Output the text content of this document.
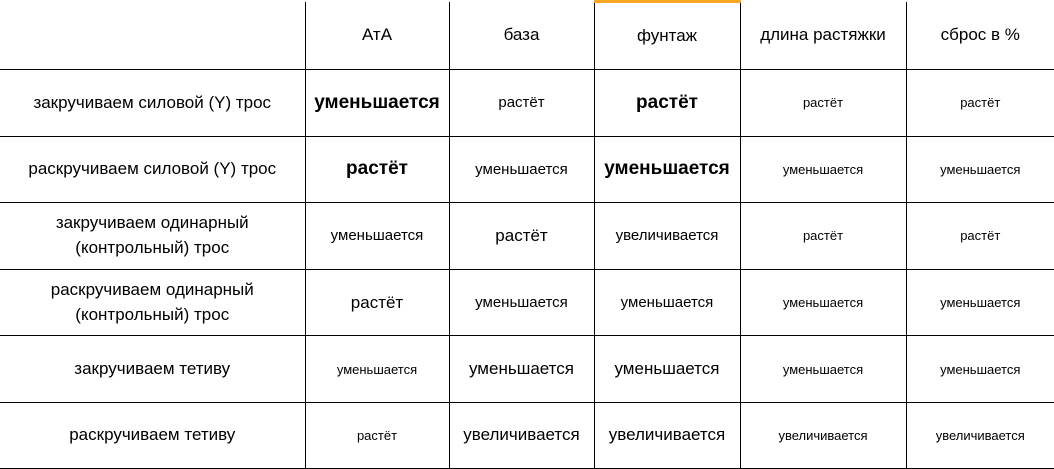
	АтА	база	фунтаж	длина растяжки	сброс в %
закручиваем силовой (Y) трос	уменьшается	растёт	растёт	растёт	растёт
раскручиваем силовой (Y) трос	растёт	уменьшается	уменьшается	уменьшается	уменьшается
закручиваем одинарный (контрольный) трос	уменьшается	растёт	увеличивается	растёт	растёт
раскручиваем одинарный (контрольный) трос	растёт	уменьшается	уменьшается	уменьшается	уменьшается
закручиваем тетиву	уменьшается	уменьшается	уменьшается	уменьшается	уменьшается
раскручиваем тетиву	растёт	увеличивается	увеличивается	увеличивается	увеличивается
